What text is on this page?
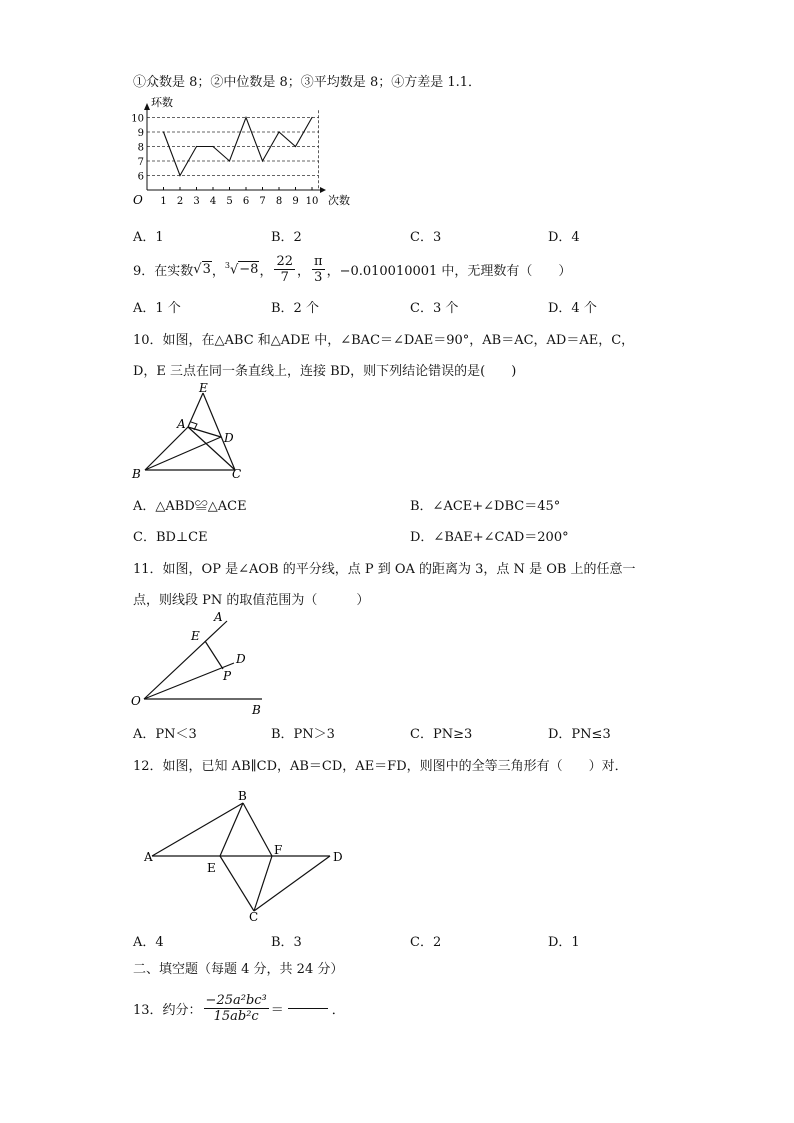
①众数是 8；②中位数是 8；③平均数是 8；④方差是 1.1．
6
7
8
9
10
1 2 3 4 5 6 7 8 9 10
环数
次数
O
A．1	B．2	C．3	D．4
9．在实数 √3 ， $^3$√−8 ， $\frac{22}{7}$ ， $\frac{\pi}{3}$ ，−0.010010001 中，无理数有（　　）
A．1 个	B．2 个	C．3 个	D．4 个
10．如图，在△ABC 和△ADE 中，∠BAC＝∠DAE＝90°，AB＝AC，AD＝AE，C，
D，E 三点在同一条直线上，连接 BD，则下列结论错误的是(　　)
E
A
D
B	C
A．△ABD≌△ACE	B．∠ACE+∠DBC＝45°
C．BD⊥CE	D．∠BAE+∠CAD＝200°
11．如图，OP 是∠AOB 的平分线，点 P 到 OA 的距离为 3，点 N 是 OB 上的任意一
点，则线段 PN 的取值范围为（　　　）
A
E
D
P
O
B
A．PN＜3	B．PN＞3	C．PN≥3	D．PN≤3
12．如图，已知 AB∥CD，AB＝CD，AE＝FD，则图中的全等三角形有（　　）对．
A
B
C
D
E
F
A．4	B．3	C．2	D．1
二、填空题（每题 4 分，共 24 分）
13．约分： $\frac{\text{−25a²bc³}}{\text{15ab²c}}$ ＝	．
